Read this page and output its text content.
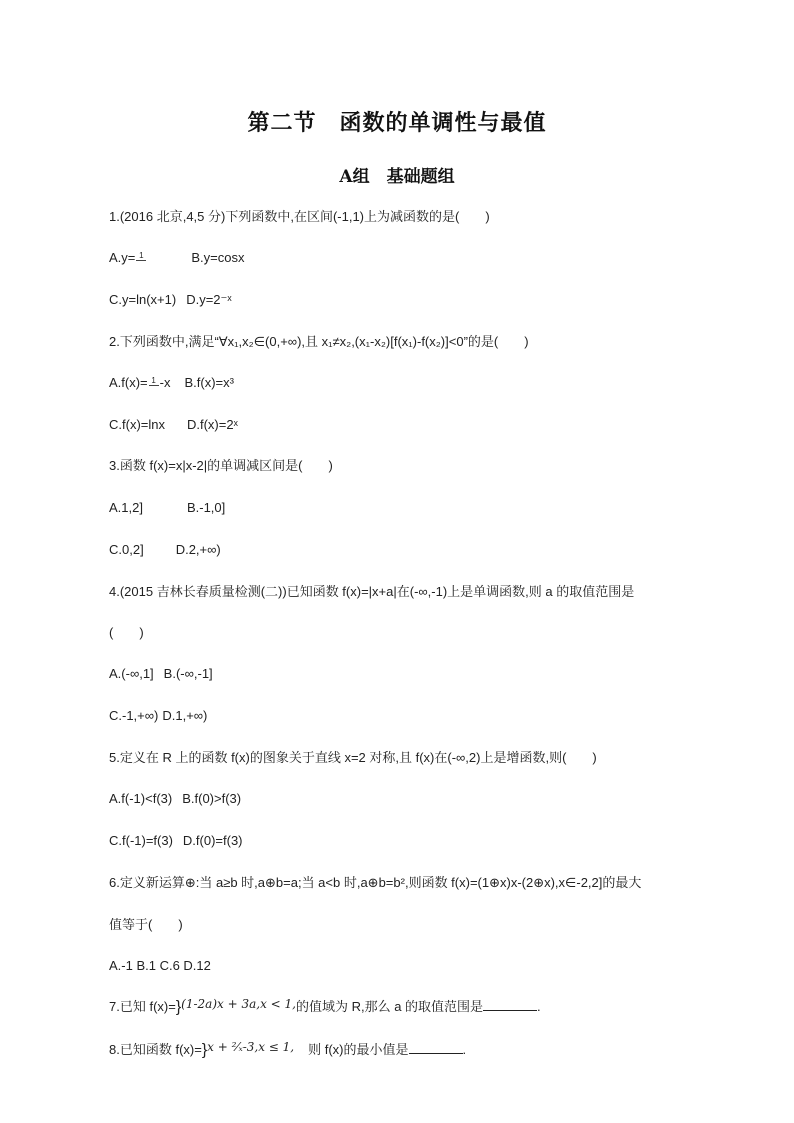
第二节　函数的单调性与最值
A组　基础题组
1.(2016 北京,4,5 分)下列函数中,在区间(-1,1)上为减函数的是(　　)
A.y= 1	B.y=cosx
C.y=ln(x+1) D.y=2⁻ˣ
2.下列函数中,满足“∀x₁,x₂∈(0,+∞),且 x₁≠x₂,(x₁-x₂)[f(x₁)-f(x₂)]<0”的是(　　)
A.f(x)= 1 -x B.f(x)=x³
C.f(x)=lnx D.f(x)=2ˣ
3.函数 f(x)=x|x-2|的单调减区间是(　　)
A.1,2]	B.-1,0]
C.0,2] D.2,+∞)
4.(2015 吉林长春质量检测(二))已知函数 f(x)=|x+a|在(-∞,-1)上是单调函数,则 a 的取值范围是
(　　)
A.(-∞,1] B.(-∞,-1]
C.-1,+∞) D.1,+∞)
5.定义在 R 上的函数 f(x)的图象关于直线 x=2 对称,且 f(x)在(-∞,2)上是增函数,则(　　)
A.f(-1)<f(3) B.f(0)>f(3)
C.f(-1)=f(3) D.f(0)=f(3)
6.定义新运算⊕:当 a≥b 时,a⊕b=a;当 a<b 时,a⊕b=b²,则函数 f(x)=(1⊕x)x-(2⊕x),x∈-2,2]的最大
值等于(　　)
A.-1 B.1 C.6 D.12
7.已知 f(x)=}(1-2a)x + 3a,x < 1,的值域为 R,那么 a 的取值范围是	.
8.已知函数 f(x)=}x + ²⁄ₓ-3,x ≤ 1, 则 f(x)的最小值是	.
